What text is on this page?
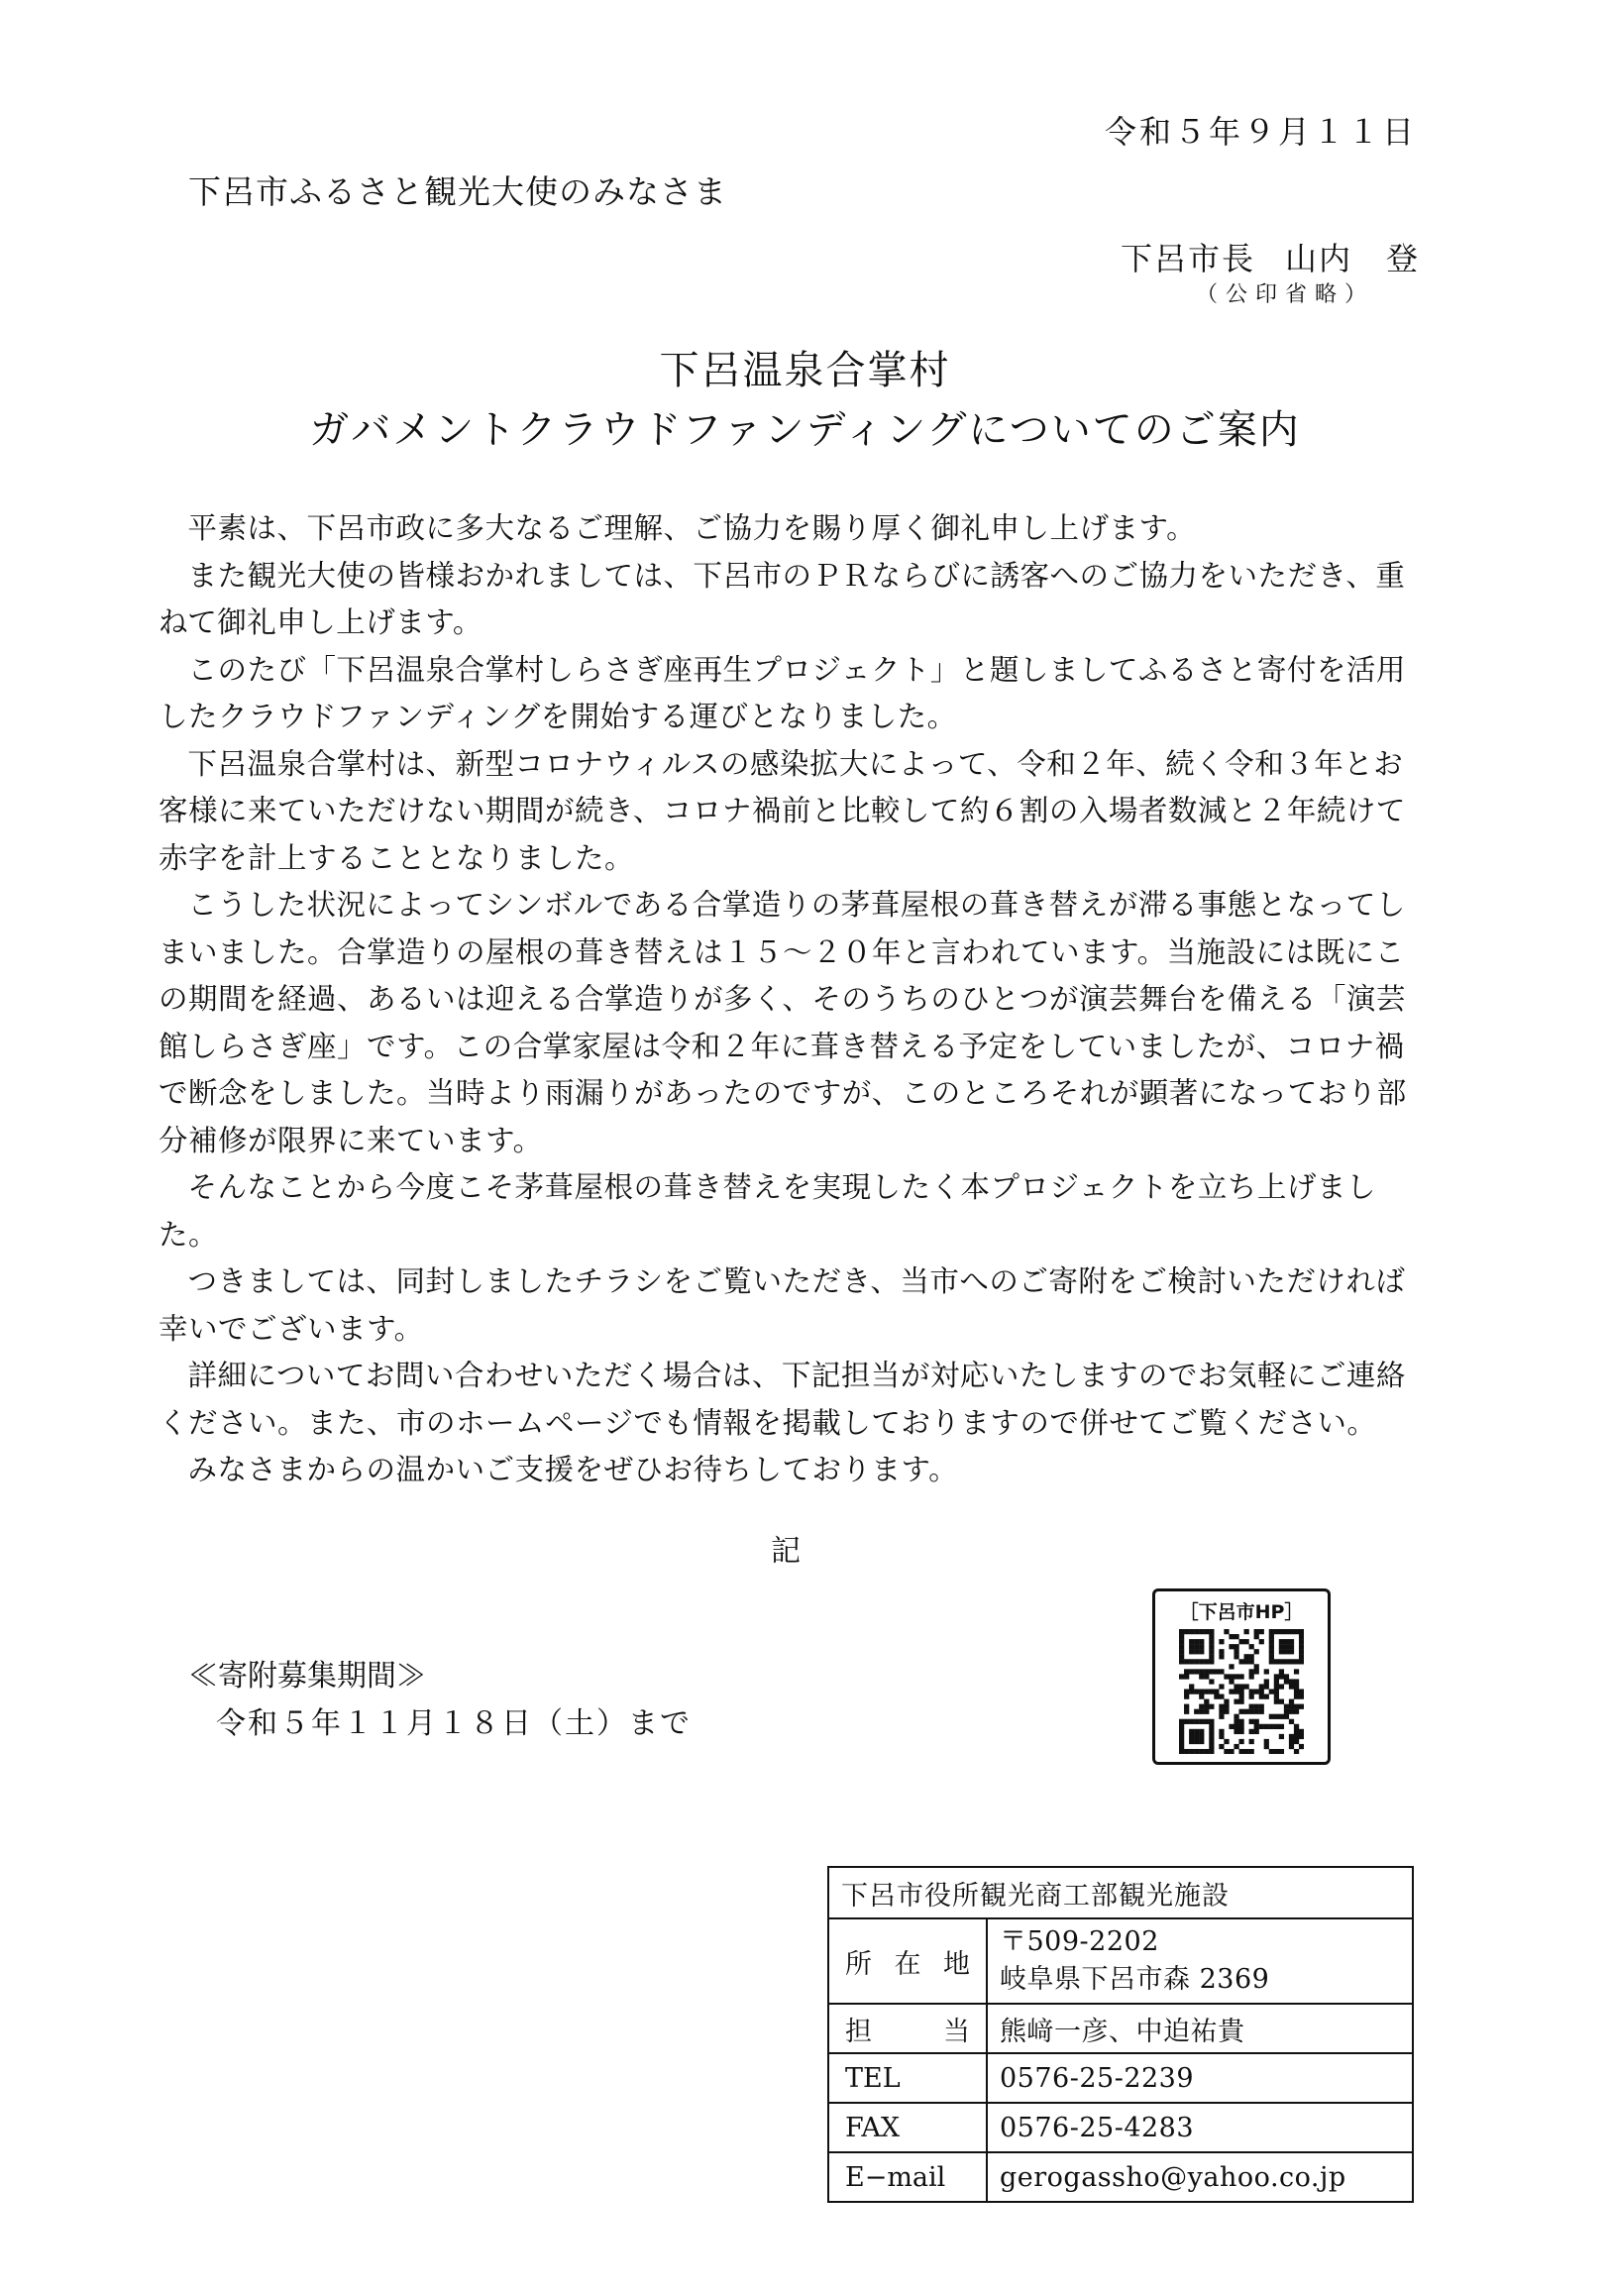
令和５年９月１１日
下呂市ふるさと観光大使のみなさま
下呂市長 山内　登
（公印省略）
下呂温泉合掌村
ガバメントクラウドファンディングについてのご案内

平素は、下呂市政に多大なるご理解、ご協力を賜り厚く御礼申し上げます。

また観光大使の皆様おかれましては、下呂市のＰＲならびに誘客へのご協力をいただき、重ねて御礼申し上げます。

このたび「下呂温泉合掌村しらさぎ座再生プロジェクト」と題しましてふるさと寄付を活用したクラウドファンディングを開始する運びとなりました。

下呂温泉合掌村は、新型コロナウィルスの感染拡大によって、令和２年、続く令和３年とお客様に来ていただけない期間が続き、コロナ禍前と比較して約６割の入場者数減と２年続けて赤字を計上することとなりました。

こうした状況によってシンボルである合掌造りの茅葺屋根の葺き替えが滞る事態となってしまいました。合掌造りの屋根の葺き替えは１５～２０年と言われています。当施設には既にこの期間を経過、あるいは迎える合掌造りが多く、そのうちのひとつが演芸舞台を備える「演芸館しらさぎ座」です。この合掌家屋は令和２年に葺き替える予定をしていましたが、コロナ禍で断念をしました。当時より雨漏りがあったのですが、このところそれが顕著になっており部分補修が限界に来ています。

そんなことから今度こそ茅葺屋根の葺き替えを実現したく本プロジェクトを立ち上げました。

つきましては、同封しましたチラシをご覧いただき、当市へのご寄附をご検討いただければ幸いでございます。

詳細についてお問い合わせいただく場合は、下記担当が対応いたしますのでお気軽にご連絡ください。また、市のホームページでも情報を掲載しておりますので併せてご覧ください。

みなさまからの温かいご支援をぜひお待ちしております。

記
≪寄附募集期間≫
令和５年１１月１８日（土）まで
［下呂市HP］
下呂市役所観光商工部観光施設	
所在地	〒509-2202
岐阜県下呂市森 2369

担当	熊﨑一彦、中迫祐貴
TEL	0576-25-2239
FAX	0576-25-4283
E−mail	gerogassho@yahoo.co.jp
